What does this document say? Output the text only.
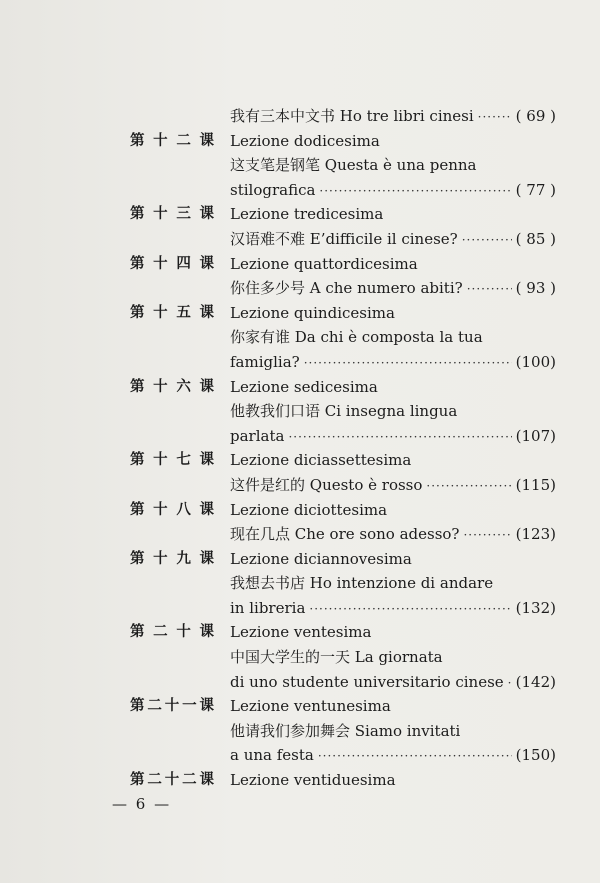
我有三本中文书 Ho tre libri cinesi ·····	( 69 )
第 十 二 课 Lezione dodicesima
这支笔是钢笔 Questa è una penna
stilografica ·····	( 77 )
第 十 三 课 Lezione tredicesima
汉语难不难 E’difficile il cinese? ·····	( 85 )
第 十 四 课 Lezione quattordicesima
你住多少号 A che numero abiti? ·····	( 93 )
第 十 五 课 Lezione quindicesima
你家有谁 Da chi è composta la tua
famiglia? ·····	(100)
第 十 六 课 Lezione sedicesima
他教我们口语 Ci insegna lingua
parlata ·····	(107)
第 十 七 课 Lezione diciassettesima
这件是红的 Questo è rosso ·····	(115)
第 十 八 课 Lezione diciottesima
现在几点 Che ore sono adesso? ·····	(123)
第 十 九 课 Lezione diciannovesima
我想去书店 Ho intenzione di andare
in libreria ·····	(132)
第 二 十 课 Lezione ventesima
中国大学生的一天 La giornata
di uno studente universitario cinese ····· (142)
第 二 十 一 课 Lezione ventunesima
他请我们参加舞会 Siamo invitati
a una festa ·····	(150)
第 二 十 二 课 Lezione ventiduesima
— 6 —
